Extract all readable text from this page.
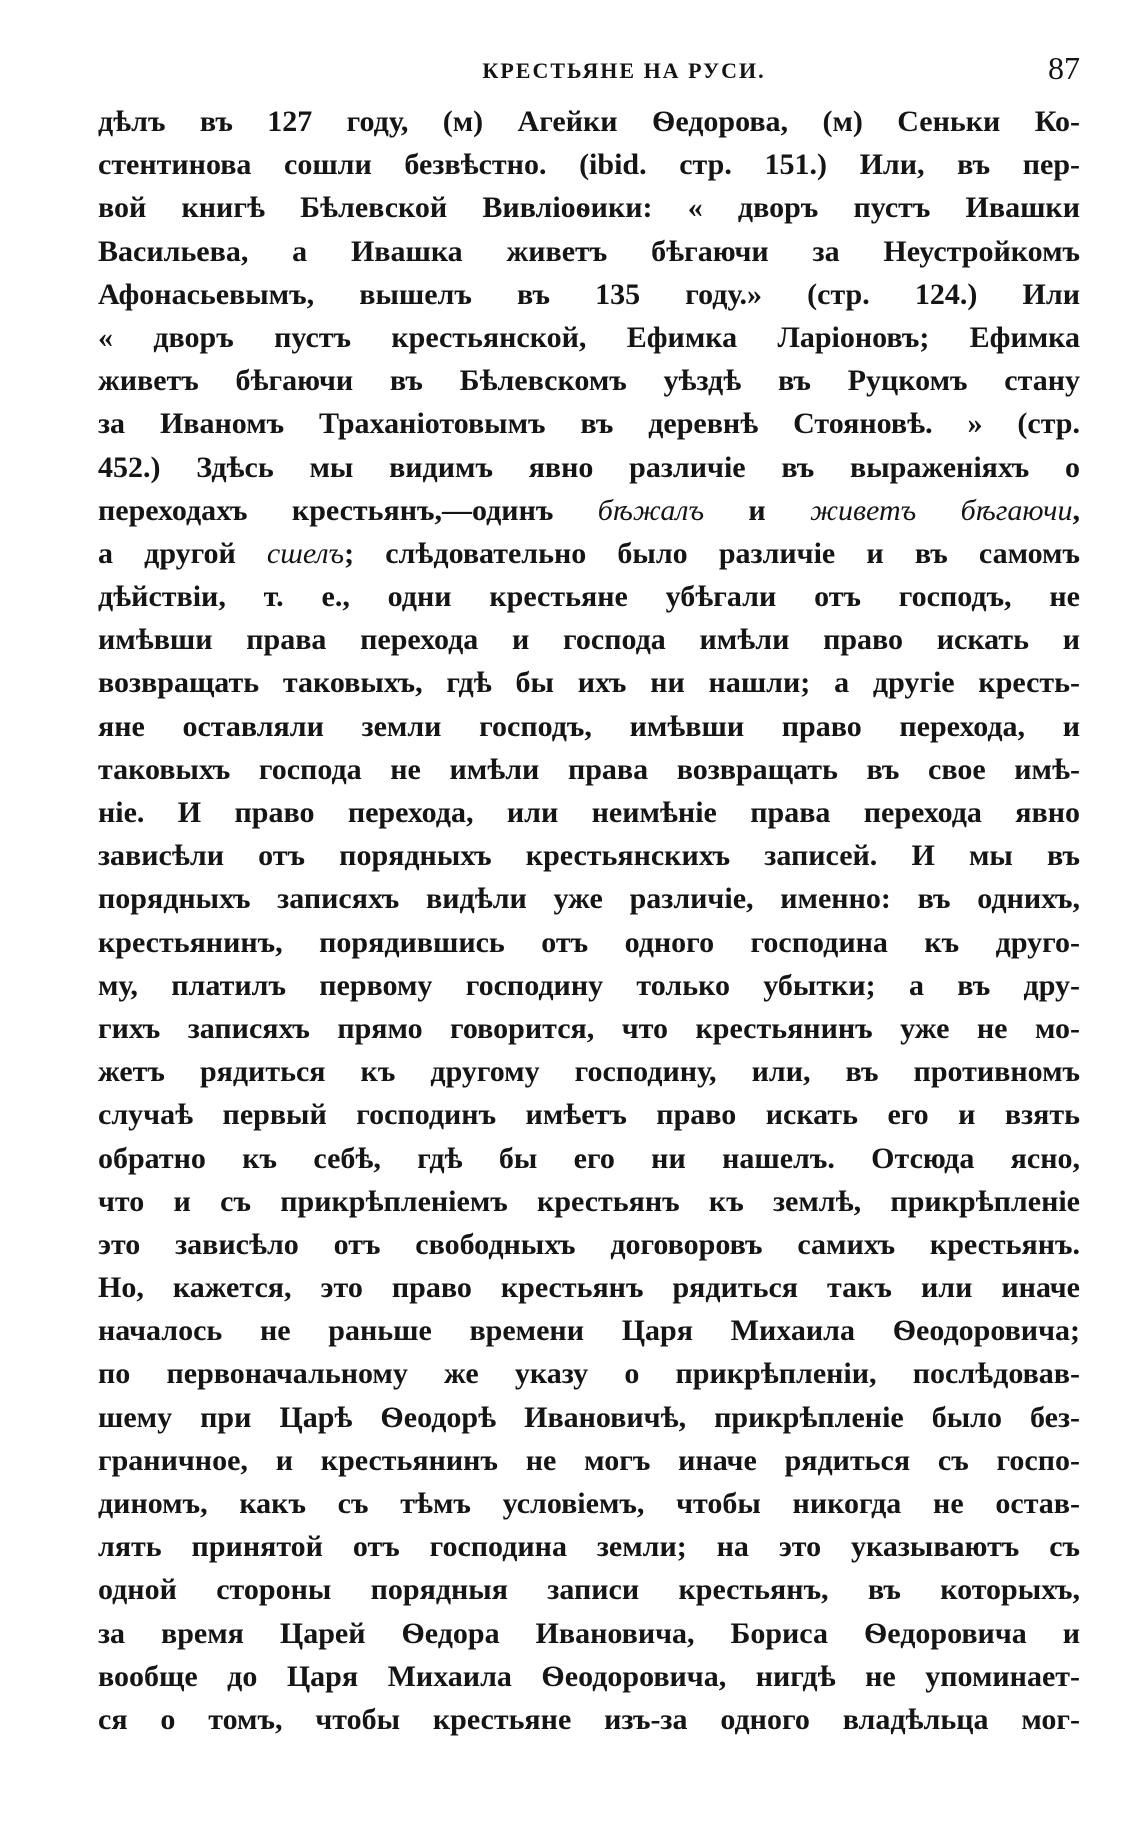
КРЕСТЬЯНЕ НА РУСИ.	87
дѣлъ въ 127 году, (м) Агейки Ѳедорова, (м) Сеньки Ко-
стентинова сошли безвѣстно. (ibid. стр. 151.) Или, въ пер-
вой книгѣ Бѣлевской Вивліоѳики: « дворъ пустъ Ивашки
Васильева, а Ивашка живетъ бѣгаючи за Неустройкомъ
Афонасьевымъ, вышелъ въ 135 году.» (стр. 124.) Или
« дворъ пустъ крестьянской, Ефимка Ларіоновъ; Ефимка
живетъ бѣгаючи въ Бѣлевскомъ уѣздѣ въ Руцкомъ стану
за Иваномъ Траханіотовымъ въ деревнѣ Стояновѣ. » (стр.
452.) Здѣсь мы видимъ явно различіе въ выраженіяхъ о
переходахъ крестьянъ,—одинъ бѣжалъ и живетъ бѣгаючи,
а другой сшелъ; слѣдовательно было различіе и въ самомъ
дѣйствіи, т. е., одни крестьяне убѣгали отъ господъ, не
имѣвши права перехода и господа имѣли право искать и
возвращать таковыхъ, гдѣ бы ихъ ни нашли; а другіе кресть-
яне оставляли земли господъ, имѣвши право перехода, и
таковыхъ господа не имѣли права возвращать въ свое имѣ-
ніе. И право перехода, или неимѣніе права перехода явно
зависѣли отъ порядныхъ крестьянскихъ записей. И мы въ
порядныхъ записяхъ видѣли уже различіе, именно: въ однихъ,
крестьянинъ, порядившись отъ одного господина къ друго-
му, платилъ первому господину только убытки; а въ дру-
гихъ записяхъ прямо говорится, что крестьянинъ уже не мо-
жетъ рядиться къ другому господину, или, въ противномъ
случаѣ первый господинъ имѣетъ право искать его и взять
обратно къ себѣ, гдѣ бы его ни нашелъ. Отсюда ясно,
что и съ прикрѣпленіемъ крестьянъ къ землѣ, прикрѣпленіе
это зависѣло отъ свободныхъ договоровъ самихъ крестьянъ.
Но, кажется, это право крестьянъ рядиться такъ или иначе
началось не раньше времени Царя Михаила Ѳеодоровича;
по первоначальному же указу о прикрѣпленіи, послѣдовав-
шему при Царѣ Ѳеодорѣ Ивановичѣ, прикрѣпленіе было без-
граничное, и крестьянинъ не могъ иначе рядиться съ госпо-
диномъ, какъ съ тѣмъ условіемъ, чтобы никогда не остав-
лять принятой отъ господина земли; на это указываютъ съ
одной стороны порядныя записи крестьянъ, въ которыхъ,
за время Царей Ѳедора Ивановича, Бориса Ѳедоровича и
вообще до Царя Михаила Ѳеодоровича, нигдѣ не упоминает-
ся о томъ, чтобы крестьяне изъ-за одного владѣльца мог-
